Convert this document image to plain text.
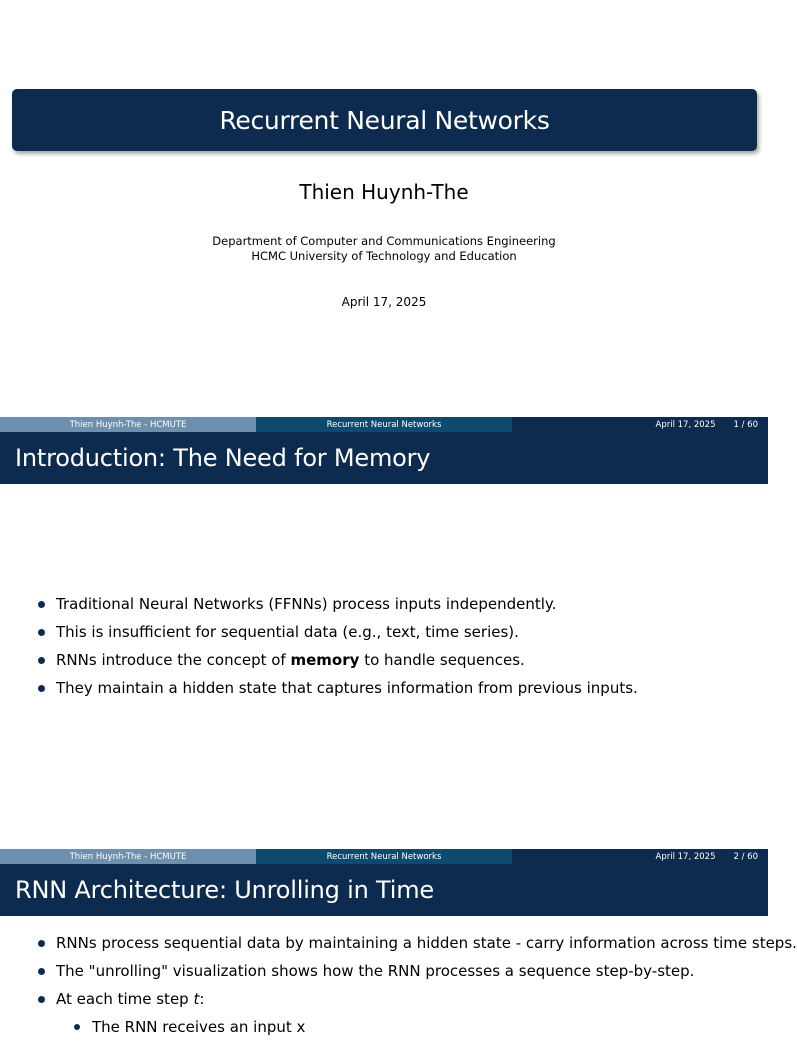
Recurrent Neural Networks
Thien Huynh-The
Department of Computer and Communications Engineering
HCMC University of Technology and Education
April 17, 2025
Thien Huynh-The - HCMUTE	Recurrent Neural Networks	April 17, 2025 1 / 60
Introduction: The Need for Memory
Traditional Neural Networks (FFNNs) process inputs independently.
This is insufficient for sequential data (e.g., text, time series).
RNNs introduce the concept of memory to handle sequences.
They maintain a hidden state that captures information from previous inputs.
Thien Huynh-The - HCMUTE	Recurrent Neural Networks	April 17, 2025 2 / 60
RNN Architecture: Unrolling in Time
RNNs process sequential data by maintaining a hidden state - carry information across time steps.
The "unrolling" visualization shows how the RNN processes a sequence step-by-step.
At each time step t:
The RNN receives an input x
